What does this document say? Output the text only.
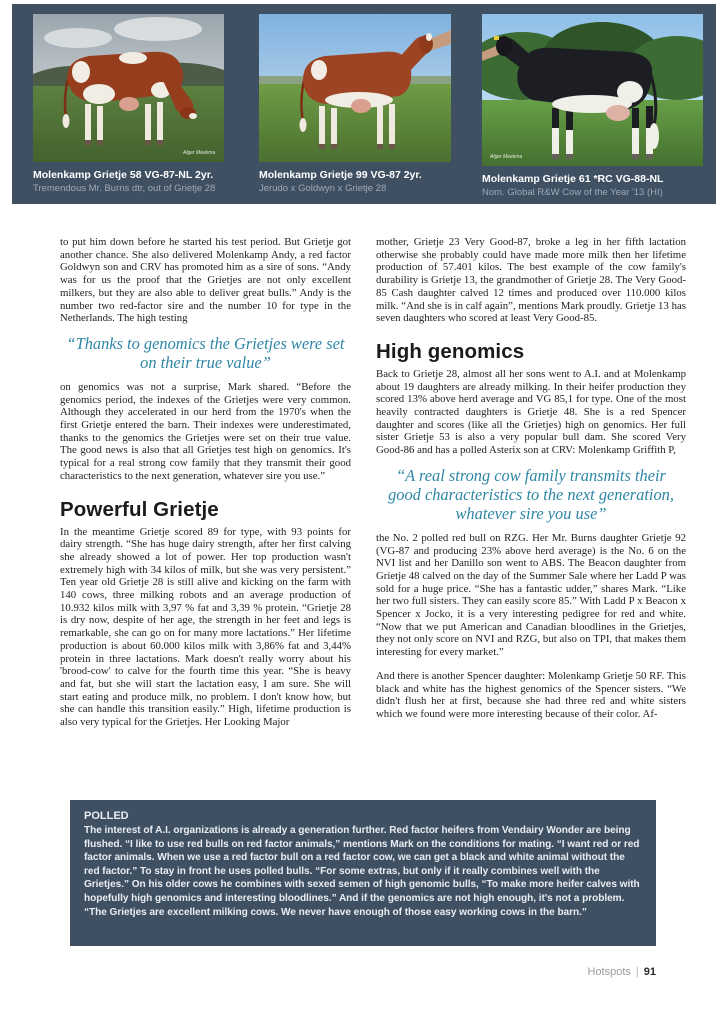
Alger Meekma
Molenkamp Grietje 58 VG-87-NL 2yr.
Tremendous Mr. Burns dtr, out of Grietje 28
Molenkamp Grietje 99 VG-87 2yr.
Jerudo x Goldwyn x Grietje 28
Alger Meekma
Molenkamp Grietje 61 *RC VG-88-NL
Nom. Global R&W Cow of the Year '13 (HI)

to put him down before he started his test period. But Grietje got another chance. She also delivered Molenkamp Andy, a red factor Goldwyn son and CRV has promoted him as a sire of sons. “Andy was for us the proof that the Grietjes are not only excellent milkers, but they are also able to deliver great bulls.” Andy is the number two red-factor sire and the number 10 for type in the Netherlands. The high testing

“Thanks to genomics the Grietjes were set on their true value”

on genomics was not a surprise, Mark shared. “Before the genomics period, the indexes of the Grietjes were very common. Although they accelerated in our herd from the 1970's when the first Grietje entered the barn. Their indexes were underestimated, thanks to the genomics the Grietjes were set on their true value. The good news is also that all Grietjes test high on genomics. It's typical for a real strong cow family that they transmit their good characteristics to the next generation, whatever sire you use.”

Powerful Grietje

In the meantime Grietje scored 89 for type, with 93 points for dairy strength. “She has huge dairy strength, after her first calving she already showed a lot of power. Her top production wasn't extremely high with 34 kilos of milk, but she was very persistent.” Ten year old Grietje 28 is still alive and kicking on the farm with 140 cows, three milking robots and an average production of 10.932 kilos milk with 3,97 % fat and 3,39 % protein. “Grietje 28 is dry now, despite of her age, the strength in her feet and legs is remarkable, she can go on for many more lactations.” Her lifetime production is about 60.000 kilos milk with 3,86% fat and 3,44% protein in three lactations. Mark doesn't really worry about his 'brood-cow' to calve for the fourth time this year. “She is heavy and fat, but she will start the lactation easy, I am sure. She will start eating and produce milk, no problem. I don't know how, but she can handle this transition easily.” High, lifetime production is also very typical for the Grietjes. Her Looking Major

mother, Grietje 23 Very Good-87, broke a leg in her fifth lactation otherwise she probably could have made more milk then her lifetime production of 57.401 kilos. The best example of the cow family's durability is Grietje 13, the grandmother of Grietje 28. The Very Good-85 Cash daughter calved 12 times and produced over 110.000 kilos milk. “And she is in calf again”, mentions Mark proudly. Grietje 13 has seven daughters who scored at least Very Good-85.

High genomics

Back to Grietje 28, almost all her sons went to A.I. and at Molenkamp about 19 daughters are already milking. In their heifer production they scored 13% above herd average and VG 85,1 for type. One of the most heavily contracted daughters is Grietje 48. She is a red Spencer daughter and scores (like all the Grietjes) high on genomics. Her full sister Grietje 53 is also a very popular bull dam. She scored Very Good-86 and has a polled Asterix son at CRV: Molenkamp Griffith P,

“A real strong cow family transmits their good characteristics to the next generation, whatever sire you use”

the No. 2 polled red bull on RZG. Her Mr. Burns daughter Grietje 92 (VG-87 and producing 23% above herd average) is the No. 6 on the NVI list and her Danillo son went to ABS. The Beacon daughter from Grietje 48 calved on the day of the Summer Sale where her Ladd P was sold for a huge price. “She has a fantastic udder,” shares Mark. “Like her two full sisters. They can easily score 85.” With Ladd P x Beacon x Spencer x Jocko, it is a very interesting pedigree for red and white. “Now that we put American and Canadian bloodlines in the Grietjes, they not only score on NVI and RZG, but also on TPI, that makes them interesting for every market.”

And there is another Spencer daughter: Molenkamp Grietje 50 RF. This black and white has the highest genomics of the Spencer sisters. “We didn't flush her at first, because she had three red and white sisters which we found were more interesting because of their color. Af-

POLLED
The interest of A.I. organizations is already a generation further. Red factor heifers from Vendairy Wonder are being flushed. “I like to use red bulls on red factor animals,” mentions Mark on the conditions for mating. “I want red or red factor animals. When we use a red factor bull on a red factor cow, we can get a black and white animal without the red factor.” To stay in front he uses polled bulls. “For some extras, but only if it really combines well with the Grietjes.” On his older cows he combines with sexed semen of high genomic bulls, “To make more heifer calves with hopefully high genomics and interesting bloodlines.” And if the genomics are not high enough, it's not a problem. “The Grietjes are excellent milking cows. We never have enough of those easy working cows in the barn.”
Hotspots | 91
